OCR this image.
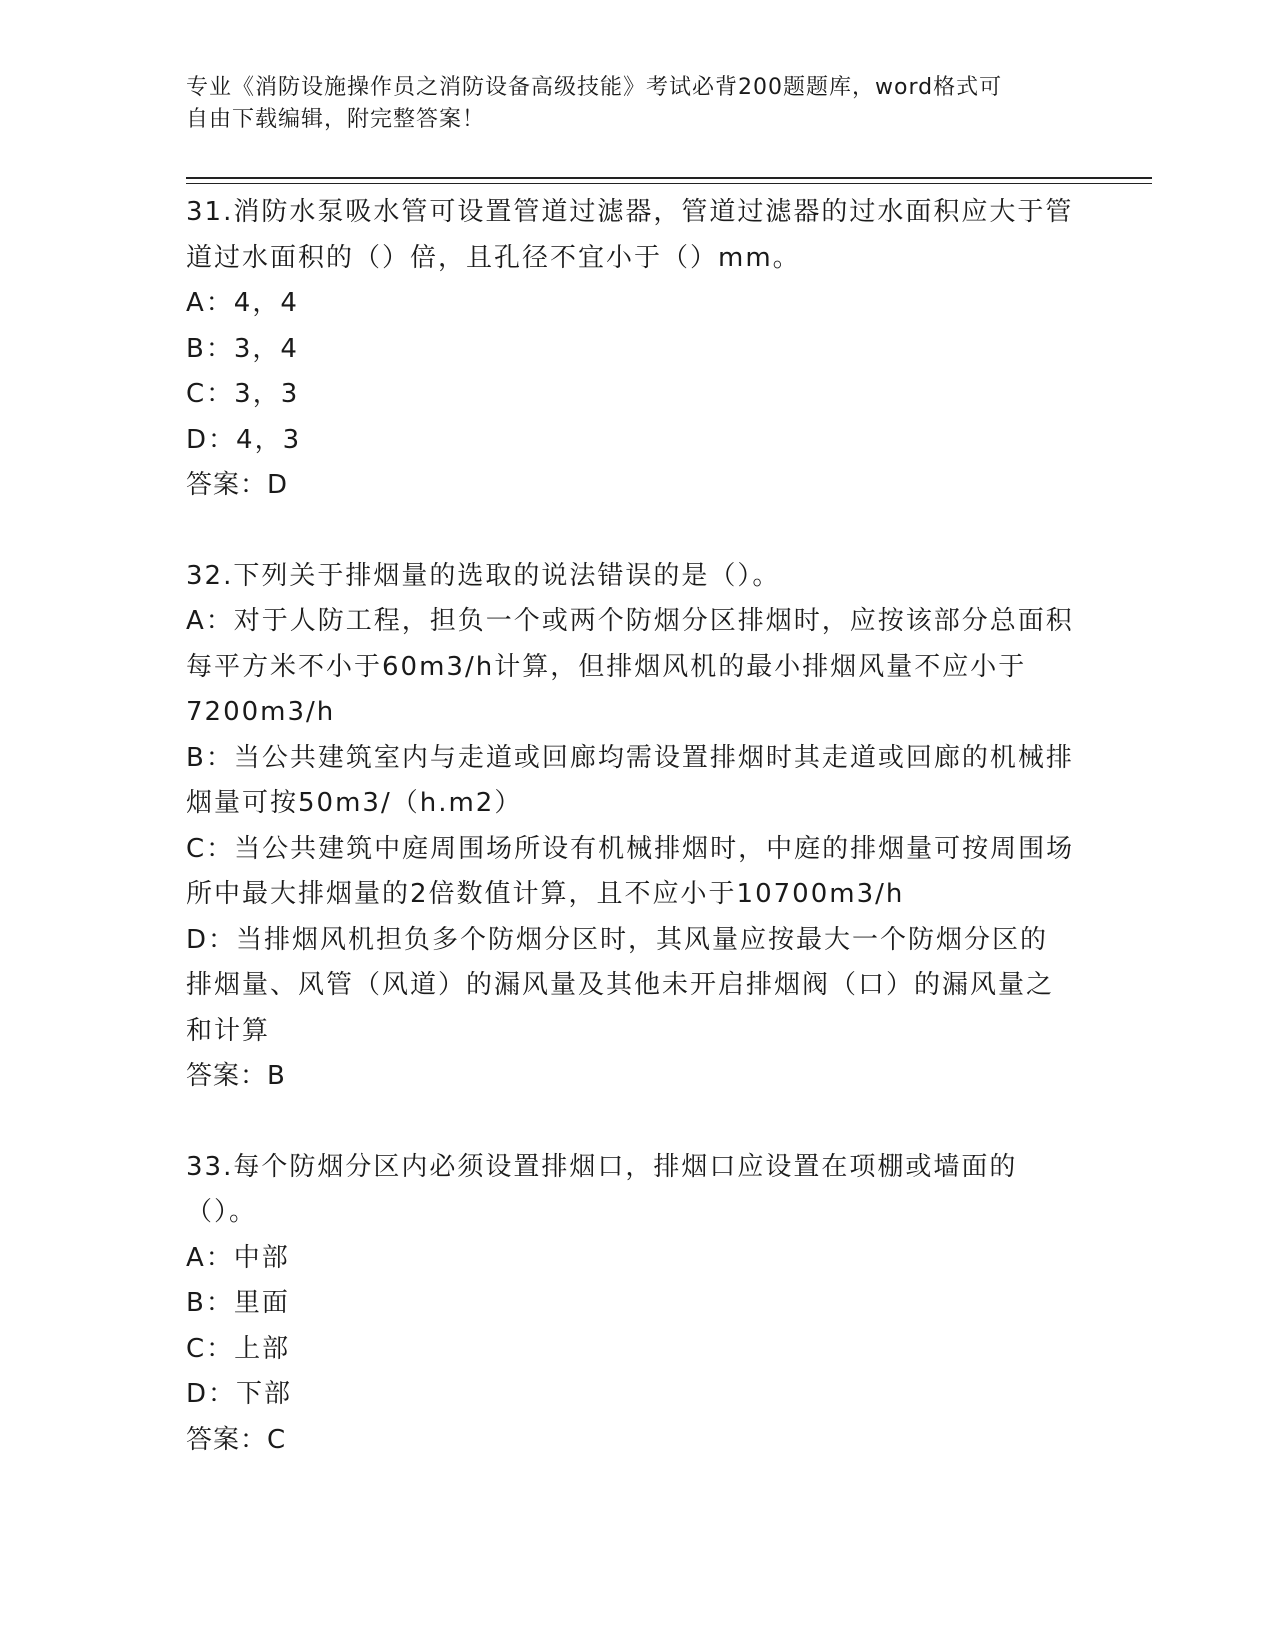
专业《消防设施操作员之消防设备高级技能》考试必背200题题库，word格式可
自由下载编辑，附完整答案！
31.消防水泵吸水管可设置管道过滤器，管道过滤器的过水面积应大于管道过水面积的（）倍，且孔径不宜小于（）mm。
A：4，4
B：3，4
C：3，3
D：4，3
答案：D
32.下列关于排烟量的选取的说法错误的是（）。
A：对于人防工程，担负一个或两个防烟分区排烟时，应按该部分总面积每平方米不小于60m3/h计算，但排烟风机的最小排烟风量不应小于7200m3/h
B：当公共建筑室内与走道或回廊均需设置排烟时其走道或回廊的机械排烟量可按50m3/（h.m2）
C：当公共建筑中庭周围场所设有机械排烟时，中庭的排烟量可按周围场所中最大排烟量的2倍数值计算，且不应小于10700m3/h
D：当排烟风机担负多个防烟分区时，其风量应按最大一个防烟分区的排烟量、风管（风道）的漏风量及其他未开启排烟阀（口）的漏风量之和计算
答案：B
33.每个防烟分区内必须设置排烟口，排烟口应设置在项棚或墙面的（）。
A：中部
B：里面
C：上部
D：下部
答案：C
